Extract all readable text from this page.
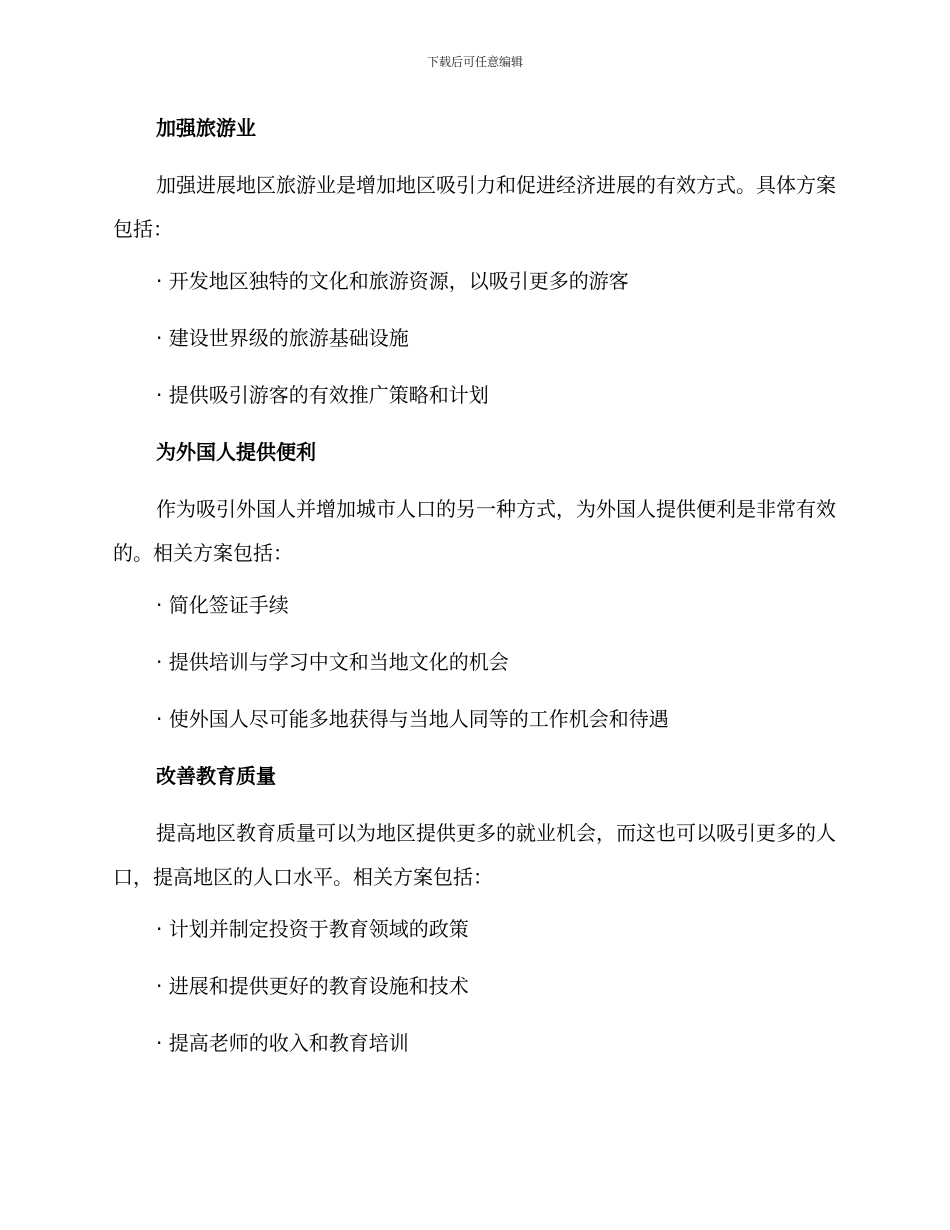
下载后可任意编辑
加强旅游业
加强进展地区旅游业是增加地区吸引力和促进经济进展的有效方式。具体方案包括：
· 开发地区独特的文化和旅游资源，以吸引更多的游客
· 建设世界级的旅游基础设施
· 提供吸引游客的有效推广策略和计划
为外国人提供便利
作为吸引外国人并增加城市人口的另一种方式，为外国人提供便利是非常有效的。相关方案包括：
· 简化签证手续
· 提供培训与学习中文和当地文化的机会
· 使外国人尽可能多地获得与当地人同等的工作机会和待遇
改善教育质量
提高地区教育质量可以为地区提供更多的就业机会，而这也可以吸引更多的人口，提高地区的人口水平。相关方案包括：
· 计划并制定投资于教育领域的政策
· 进展和提供更好的教育设施和技术
· 提高老师的收入和教育培训
